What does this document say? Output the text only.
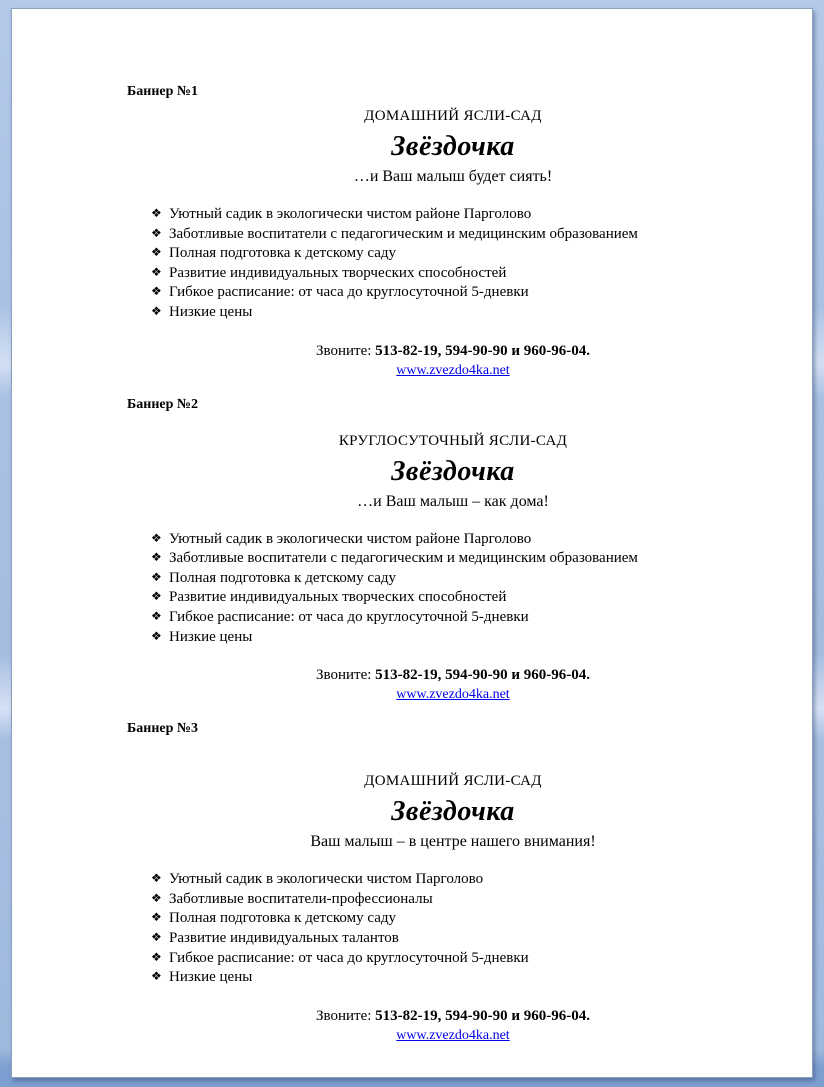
Баннер №1

ДОМАШНИЙ ЯСЛИ-САД

Звёздочка

…и Ваш малыш будет сиять!

❖ Уютный садик в экологически чистом районе Парголово
❖ Заботливые воспитатели с педагогическим и медицинским образованием
❖ Полная подготовка к детскому саду
❖ Развитие индивидуальных творческих способностей
❖ Гибкое расписание: от часа до круглосуточной 5-дневки
❖ Низкие цены

Звоните: 513-82-19, 594-90-90 и 960-96-04.

www.zvezdo4ka.net

Баннер №2

КРУГЛОСУТОЧНЫЙ ЯСЛИ-САД

Звёздочка

…и Ваш малыш – как дома!

❖ Уютный садик в экологически чистом районе Парголово
❖ Заботливые воспитатели с педагогическим и медицинским образованием
❖ Полная подготовка к детскому саду
❖ Развитие индивидуальных творческих способностей
❖ Гибкое расписание: от часа до круглосуточной 5-дневки
❖ Низкие цены

Звоните: 513-82-19, 594-90-90 и 960-96-04.

www.zvezdo4ka.net

Баннер №3

ДОМАШНИЙ ЯСЛИ-САД

Звёздочка

Ваш малыш – в центре нашего внимания!

❖ Уютный садик в экологически чистом Парголово
❖ Заботливые воспитатели-профессионалы
❖ Полная подготовка к детскому саду
❖ Развитие индивидуальных талантов
❖ Гибкое расписание: от часа до круглосуточной 5-дневки
❖ Низкие цены

Звоните: 513-82-19, 594-90-90 и 960-96-04.

www.zvezdo4ka.net
